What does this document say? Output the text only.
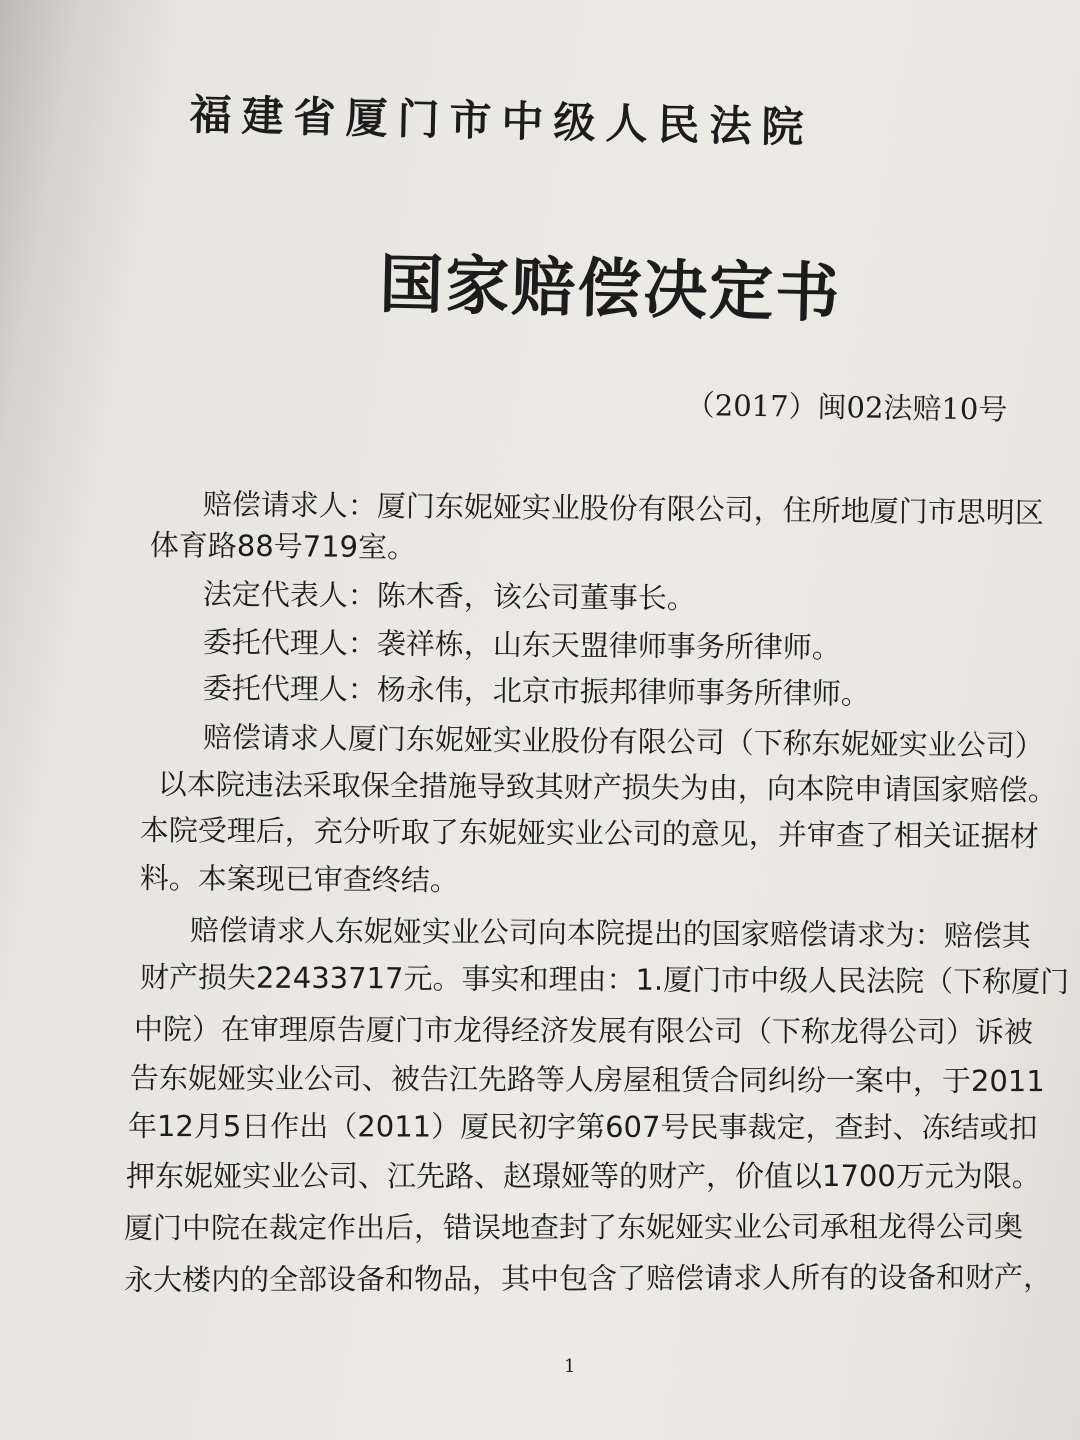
福建省厦门市中级人民法院
国家赔偿决定书
（2017）闽02法赔10号
赔偿请求人：厦门东妮娅实业股份有限公司，住所地厦门市思明区
体育路88号719室。
法定代表人：陈木香，该公司董事长。
委托代理人：袭祥栋，山东天盟律师事务所律师。
委托代理人：杨永伟，北京市振邦律师事务所律师。
赔偿请求人厦门东妮娅实业股份有限公司（下称东妮娅实业公司）
以本院违法采取保全措施导致其财产损失为由，向本院申请国家赔偿。
本院受理后，充分听取了东妮娅实业公司的意见，并审查了相关证据材
料。本案现已审查终结。
赔偿请求人东妮娅实业公司向本院提出的国家赔偿请求为：赔偿其
财产损失22433717元。事实和理由：1.厦门市中级人民法院（下称厦门
中院）在审理原告厦门市龙得经济发展有限公司（下称龙得公司）诉被
告东妮娅实业公司、被告江先路等人房屋租赁合同纠纷一案中，于2011
年12月5日作出（2011）厦民初字第607号民事裁定，查封、冻结或扣
押东妮娅实业公司、江先路、赵璟娅等的财产，价值以1700万元为限。
厦门中院在裁定作出后，错误地查封了东妮娅实业公司承租龙得公司奥
永大楼内的全部设备和物品，其中包含了赔偿请求人所有的设备和财产，
1
